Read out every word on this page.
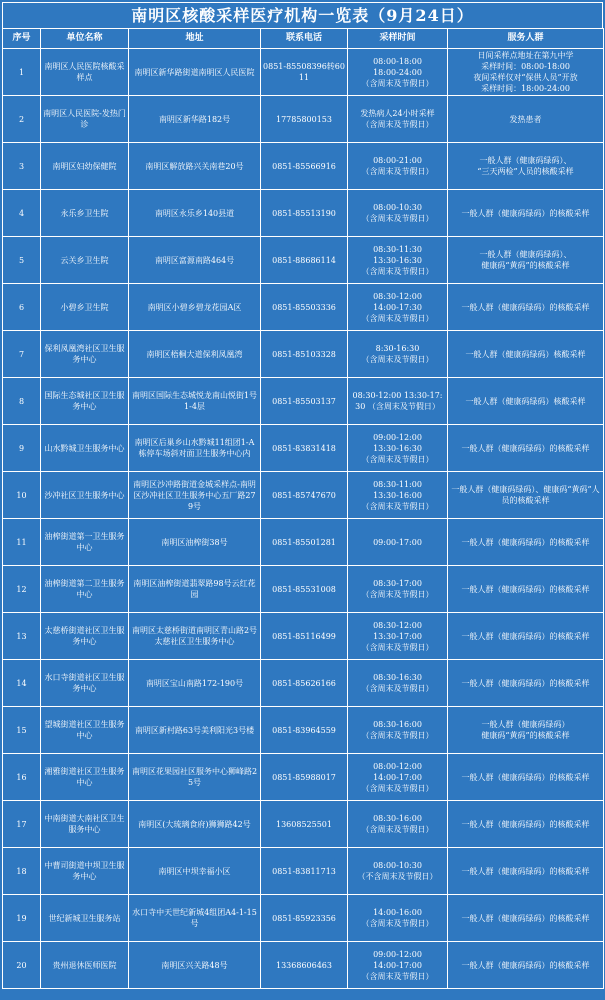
南明区核酸采样医疗机构一览表（9月24日）
序号	单位名称	地址	联系电话	采样时间	服务人群
1	南明区人民医院核酸采样点	南明区新华路街道南明区人民医院	0851-85508396转6011	08:00-18:00
18:00-24:00
（含周末及节假日）	日间采样点地址在第九中学
采样时间：08:00-18:00
夜间采样仅对“保供人员”开放
采样时间：18:00-24:00
2	南明区人民医院-发热门诊	南明区新华路182号	17785800153	发热病人24小时采样
（含周末及节假日）	发热患者
3	南明区妇幼保健院	南明区解放路兴关南巷20号	0851-85566916	08:00-21:00
（含周末及节假日）	一般人群（健康码绿码）、
“三天两检”人员的核酸采样
4	永乐乡卫生院	南明区永乐乡140县道	0851-85513190	08:00-10:30
（含周末及节假日）	一般人群（健康码绿码）的核酸采样
5	云关乡卫生院	南明区富源南路464号	0851-88686114	08:30-11:30
13:30-16:30
（含周末及节假日）	一般人群（健康码绿码）、
健康码“黄码”的核酸采样
6	小碧乡卫生院	南明区小碧乡碧龙花园A区	0851-85503336	08:30-12:00
14:00-17:30
（含周末及节假日）	一般人群（健康码绿码）的核酸采样
7	保利凤凰湾社区卫生服务中心	南明区梧桐大道保利凤凰湾	0851-85103328	8:30-16:30
（含周末及节假日）	一般人群（健康码绿码）核酸采样
8	国际生态城社区卫生服务中心	南明区国际生态城悦龙南山悦街1号1-4层	0851-85503137	08:30-12:00 13:30-17:30 （含周末及节假日）	一般人群（健康码绿码）核酸采样
9	山水黔城卫生服务中心	南明区后巢乡山水黔城11组团1-A栋停车场斜对面卫生服务中心内	0851-83831418	09:00-12:00
13:30-16:30
（含周末及节假日）	一般人群（健康码绿码）的核酸采样
10	沙冲社区卫生服务中心	南明区沙冲路街道金城采样点-南明区沙冲社区卫生服务中心五厂路279号	0851-85747670	08:30-11:00
13:30-16:00
（含周末及节假日）	一般人群（健康码绿码）、健康码“黄码”人员的核酸采样
11	油榨街道第一卫生服务中心	南明区油榨街38号	0851-85501281	09:00-17:00	一般人群（健康码绿码）的核酸采样
12	油榨街道第二卫生服务中心	南明区油榨街道翡翠路98号云红花园	0851-85531008	08:30-17:00
（含周末及节假日）	一般人群（健康码绿码）的核酸采样
13	太慈桥街道社区卫生服务中心	南明区太慈桥街道南明区青山路2号太慈社区卫生服务中心	0851-85116499	08:30-12:00
13:30-17:00
（含周末及节假日）	一般人群（健康码绿码）的核酸采样
14	水口寺街道社区卫生服务中心	南明区宝山南路172-190号	0851-85626166	08:30-16:30
（含周末及节假日）	一般人群（健康码绿码）的核酸采样
15	望城街道社区卫生服务中心	南明区新村路63号美利阳光3号楼	0851-83964559	08:30-16:00
（含周末及节假日）	一般人群（健康码绿码）
健康码“黄码”的核酸采样
16	湘雅街道社区卫生服务中心	南明区花果园社区服务中心狮峰路25号	0851-85988017	08:00-12:00
14:00-17:00
（含周末及节假日）	一般人群（健康码绿码）的核酸采样
17	中南街道大南社区卫生服务中心	南明区(大琉璃食府)狮狮路42号	13608525501	08:30-16:00
（含周末及节假日）	一般人群（健康码绿码）的核酸采样
18	中曹司街道中坝卫生服务中心	南明区中坝幸福小区	0851-83811713	08:00-10:30
（不含周末及节假日）	一般人群（健康码绿码）的核酸采样
19	世纪新城卫生服务站	水口寺中天世纪新城4组团A4-1-15号	0851-85923356	14:00-16:00
（含周末及节假日）	一般人群（健康码绿码）的核酸采样
20	贵州退休医师医院	南明区兴关路48号	13368606463	09:00-12:00
14:00-17:00
（含周末及节假日）	一般人群（健康码绿码）的核酸采样
